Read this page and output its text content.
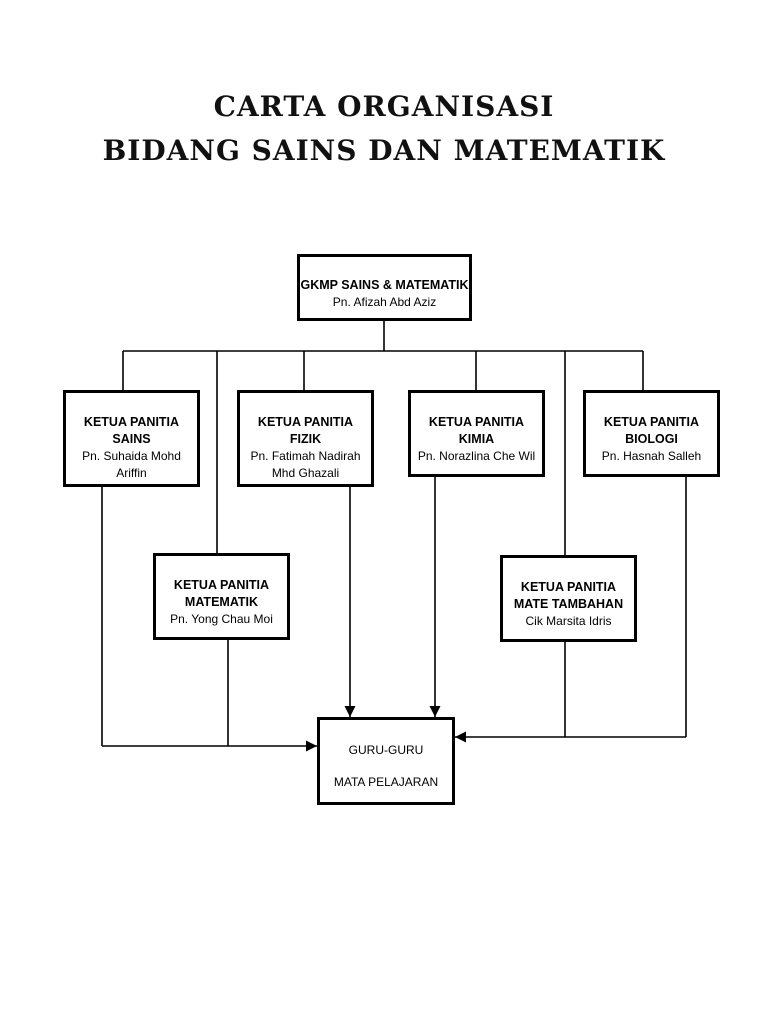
CARTA ORGANISASI
BIDANG SAINS DAN MATEMATIK
GKMP SAINS & MATEMATIK
Pn. Afizah Abd Aziz
KETUA PANITIA
SAINS
Pn. Suhaida Mohd
Ariffin
KETUA PANITIA
FIZIK
Pn. Fatimah Nadirah
Mhd Ghazali
KETUA PANITIA
KIMIA
Pn. Norazlina Che Wil
KETUA PANITIA
BIOLOGI
Pn. Hasnah Salleh
KETUA PANITIA
MATEMATIK
Pn. Yong Chau Moi
KETUA PANITIA
MATE TAMBAHAN
Cik Marsita Idris
GURU-GURU
MATA PELAJARAN
